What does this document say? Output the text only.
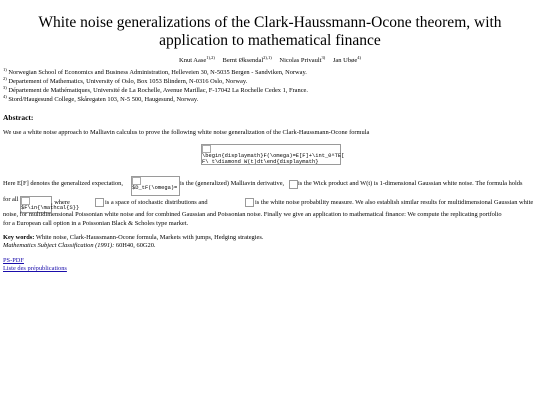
White noise generalizations of the Clark-Haussmann-Ocone theorem, with application to mathematical finance
Knut Aase$^{1),2)}$ Bernt Øksendal$^{2),1)}$ Nicolas Privault$^{3)}$ Jan Ubøe$^{4)}$
$^{1)}$ Norwegian School of Economics and Business Administration, Helleveien 30, N-5035 Bergen - Sandviken, Norway.
$^{2)}$ Departement of Mathematics, University of Oslo, Box 1053 Blindern, N-0316 Oslo, Norway.
$^{3)}$ Département de Mathématiques, Université de La Rochelle, Avenue Marillac, F-17042 La Rochelle Cedex 1, France.
$^{4)}$ Stord/Haugesund College, Skåregaten 103, N-5 500, Haugesund, Norway.
Abstract:
We use a white noise approach to Malliavin calculus to prove the following white noise generalization of the Clark-Haussmann-Ocone formula
\begin{displaymath}F(\omega)=E[F]+\int_0^TE[
F\ t\diamond W(t)dt\end{displaymath}
Here E[F] denotes the generalized expectation,
$D_tF(\omega)=
is the (generalized) Malliavin derivative, is the Wick product and W(t) is 1-dimensional Gaussian white noise. The formula holds
for all
$F\in{\mathcal{S}}
, where	is a space of stochastic distributions and	is the white noise probability measure. We also establish similar results for multidimensional Gaussian white
noise, for multidimensional Poissonian white noise and for combined Gaussian and Poissonian noise. Finally we give an application to mathematical finance: We compute the replicating portfolio
for a European call option in a Poissonian Black & Scholes type market.
Key words: White noise, Clark-Haussmann-Ocone formula, Markets with jumps, Hedging strategies.
Mathematics Subject Classification (1991): 60H40, 60G20.
PS-PDF
Liste des prépublications
